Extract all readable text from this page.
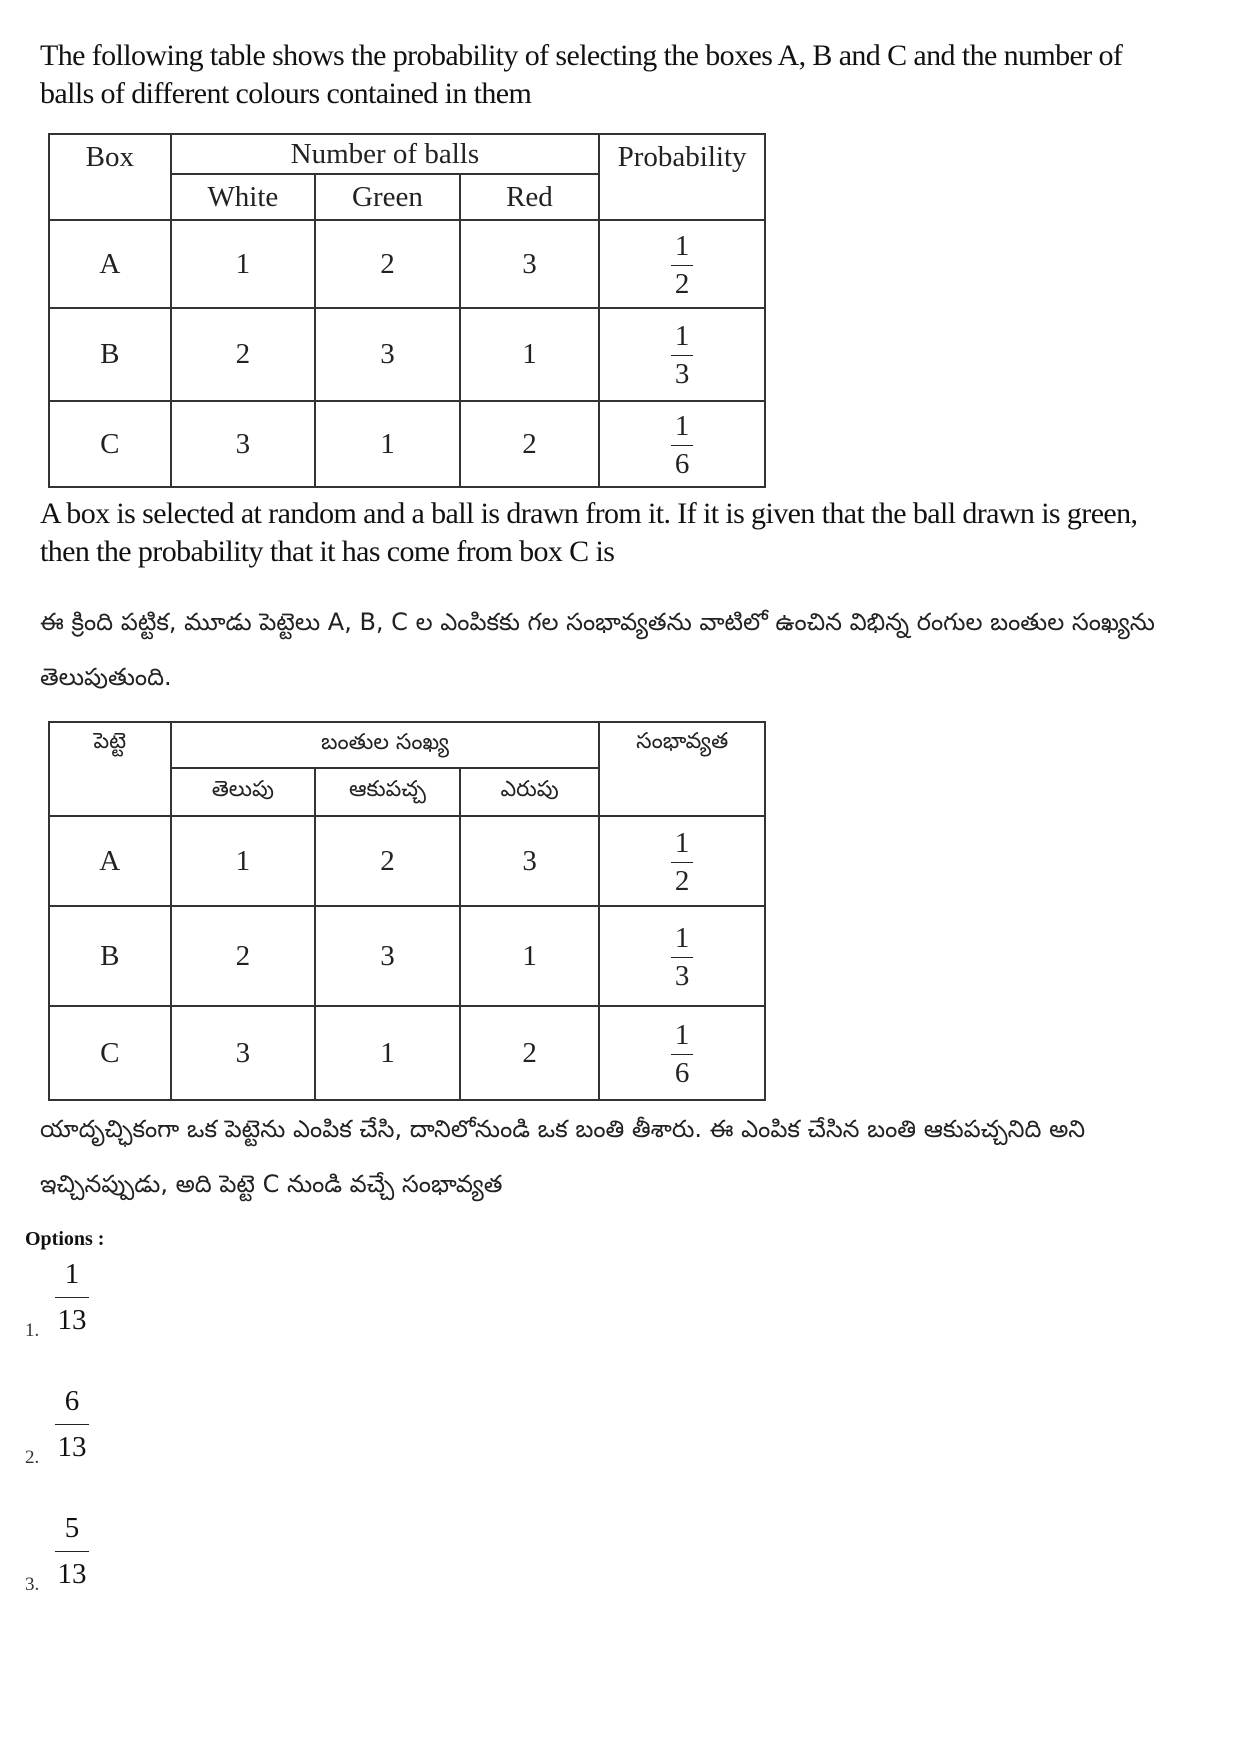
The following table shows the probability of selecting the boxes A, B and C and the number of balls of different colours contained in them

Box	Number of balls			Probability
	White	Green	Red	
A	1	2	3	$\frac{1}{2}$

B	2	3	1	$\frac{1}{3}$

C	3	1	2	$\frac{1}{6}$

A box is selected at random and a ball is drawn from it. If it is given that the ball drawn is green, then the probability that it has come from box C is

ఈ క్రింది పట్టిక, మూడు పెట్టెలు A, B, C ల ఎంపికకు గల సంభావ్యతను వాటిలో ఉంచిన విభిన్న రంగుల బంతుల సంఖ్యను తెలుపుతుంది.

పెట్టె	బంతుల సంఖ్య			సంభావ్యత
	తెలుపు	ఆకుపచ్చ	ఎరుపు	
A	1	2	3	$\frac{1}{2}$

B	2	3	1	$\frac{1}{3}$

C	3	1	2	$\frac{1}{6}$

యాదృచ్ఛికంగా ఒక పెట్టెను ఎంపిక చేసి, దానిలోనుండి ఒక బంతి తీశారు. ఈ ఎంపిక చేసిన బంతి ఆకుపచ్చనిది అని ఇచ్చినప్పుడు, అది పెట్టె C నుండి వచ్చే సంభావ్యత

Options :
1.
1
13
2.
6
13
3.
5
13
